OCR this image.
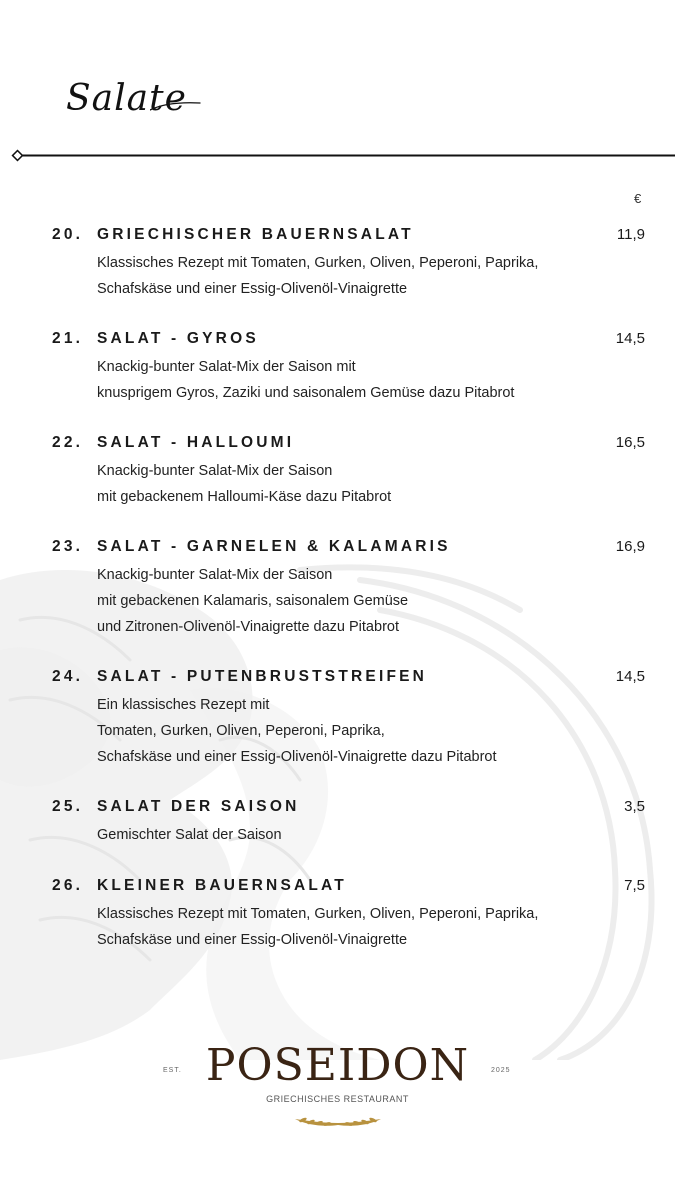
Salate
€
20. GRIECHISCHER BAUERNSALAT	11,9
Klassisches Rezept mit Tomaten, Gurken, Oliven, Peperoni, Paprika,
Schafskäse und einer Essig-Olivenöl-Vinaigrette
21. SALAT - GYROS	14,5
Knackig-bunter Salat-Mix der Saison mit
knusprigem Gyros, Zaziki und saisonalem Gemüse dazu Pitabrot
22. SALAT - HALLOUMI	16,5
Knackig-bunter Salat-Mix der Saison
mit gebackenem Halloumi-Käse dazu Pitabrot
23. SALAT - GARNELEN & KALAMARIS	16,9
Knackig-bunter Salat-Mix der Saison
mit gebackenen Kalamaris, saisonalem Gemüse
und Zitronen-Olivenöl-Vinaigrette dazu Pitabrot
24. SALAT - PUTENBRUSTSTREIFEN	14,5
Ein klassisches Rezept mit
Tomaten, Gurken, Oliven, Peperoni, Paprika,
Schafskäse und einer Essig-Olivenöl-Vinaigrette dazu Pitabrot
25. SALAT DER SAISON	3,5
Gemischter Salat der Saison
26. KLEINER BAUERNSALAT	7,5
Klassisches Rezept mit Tomaten, Gurken, Oliven, Peperoni, Paprika,
Schafskäse und einer Essig-Olivenöl-Vinaigrette
POSEIDON
EST.	2025
GRIECHISCHES RESTAURANT
